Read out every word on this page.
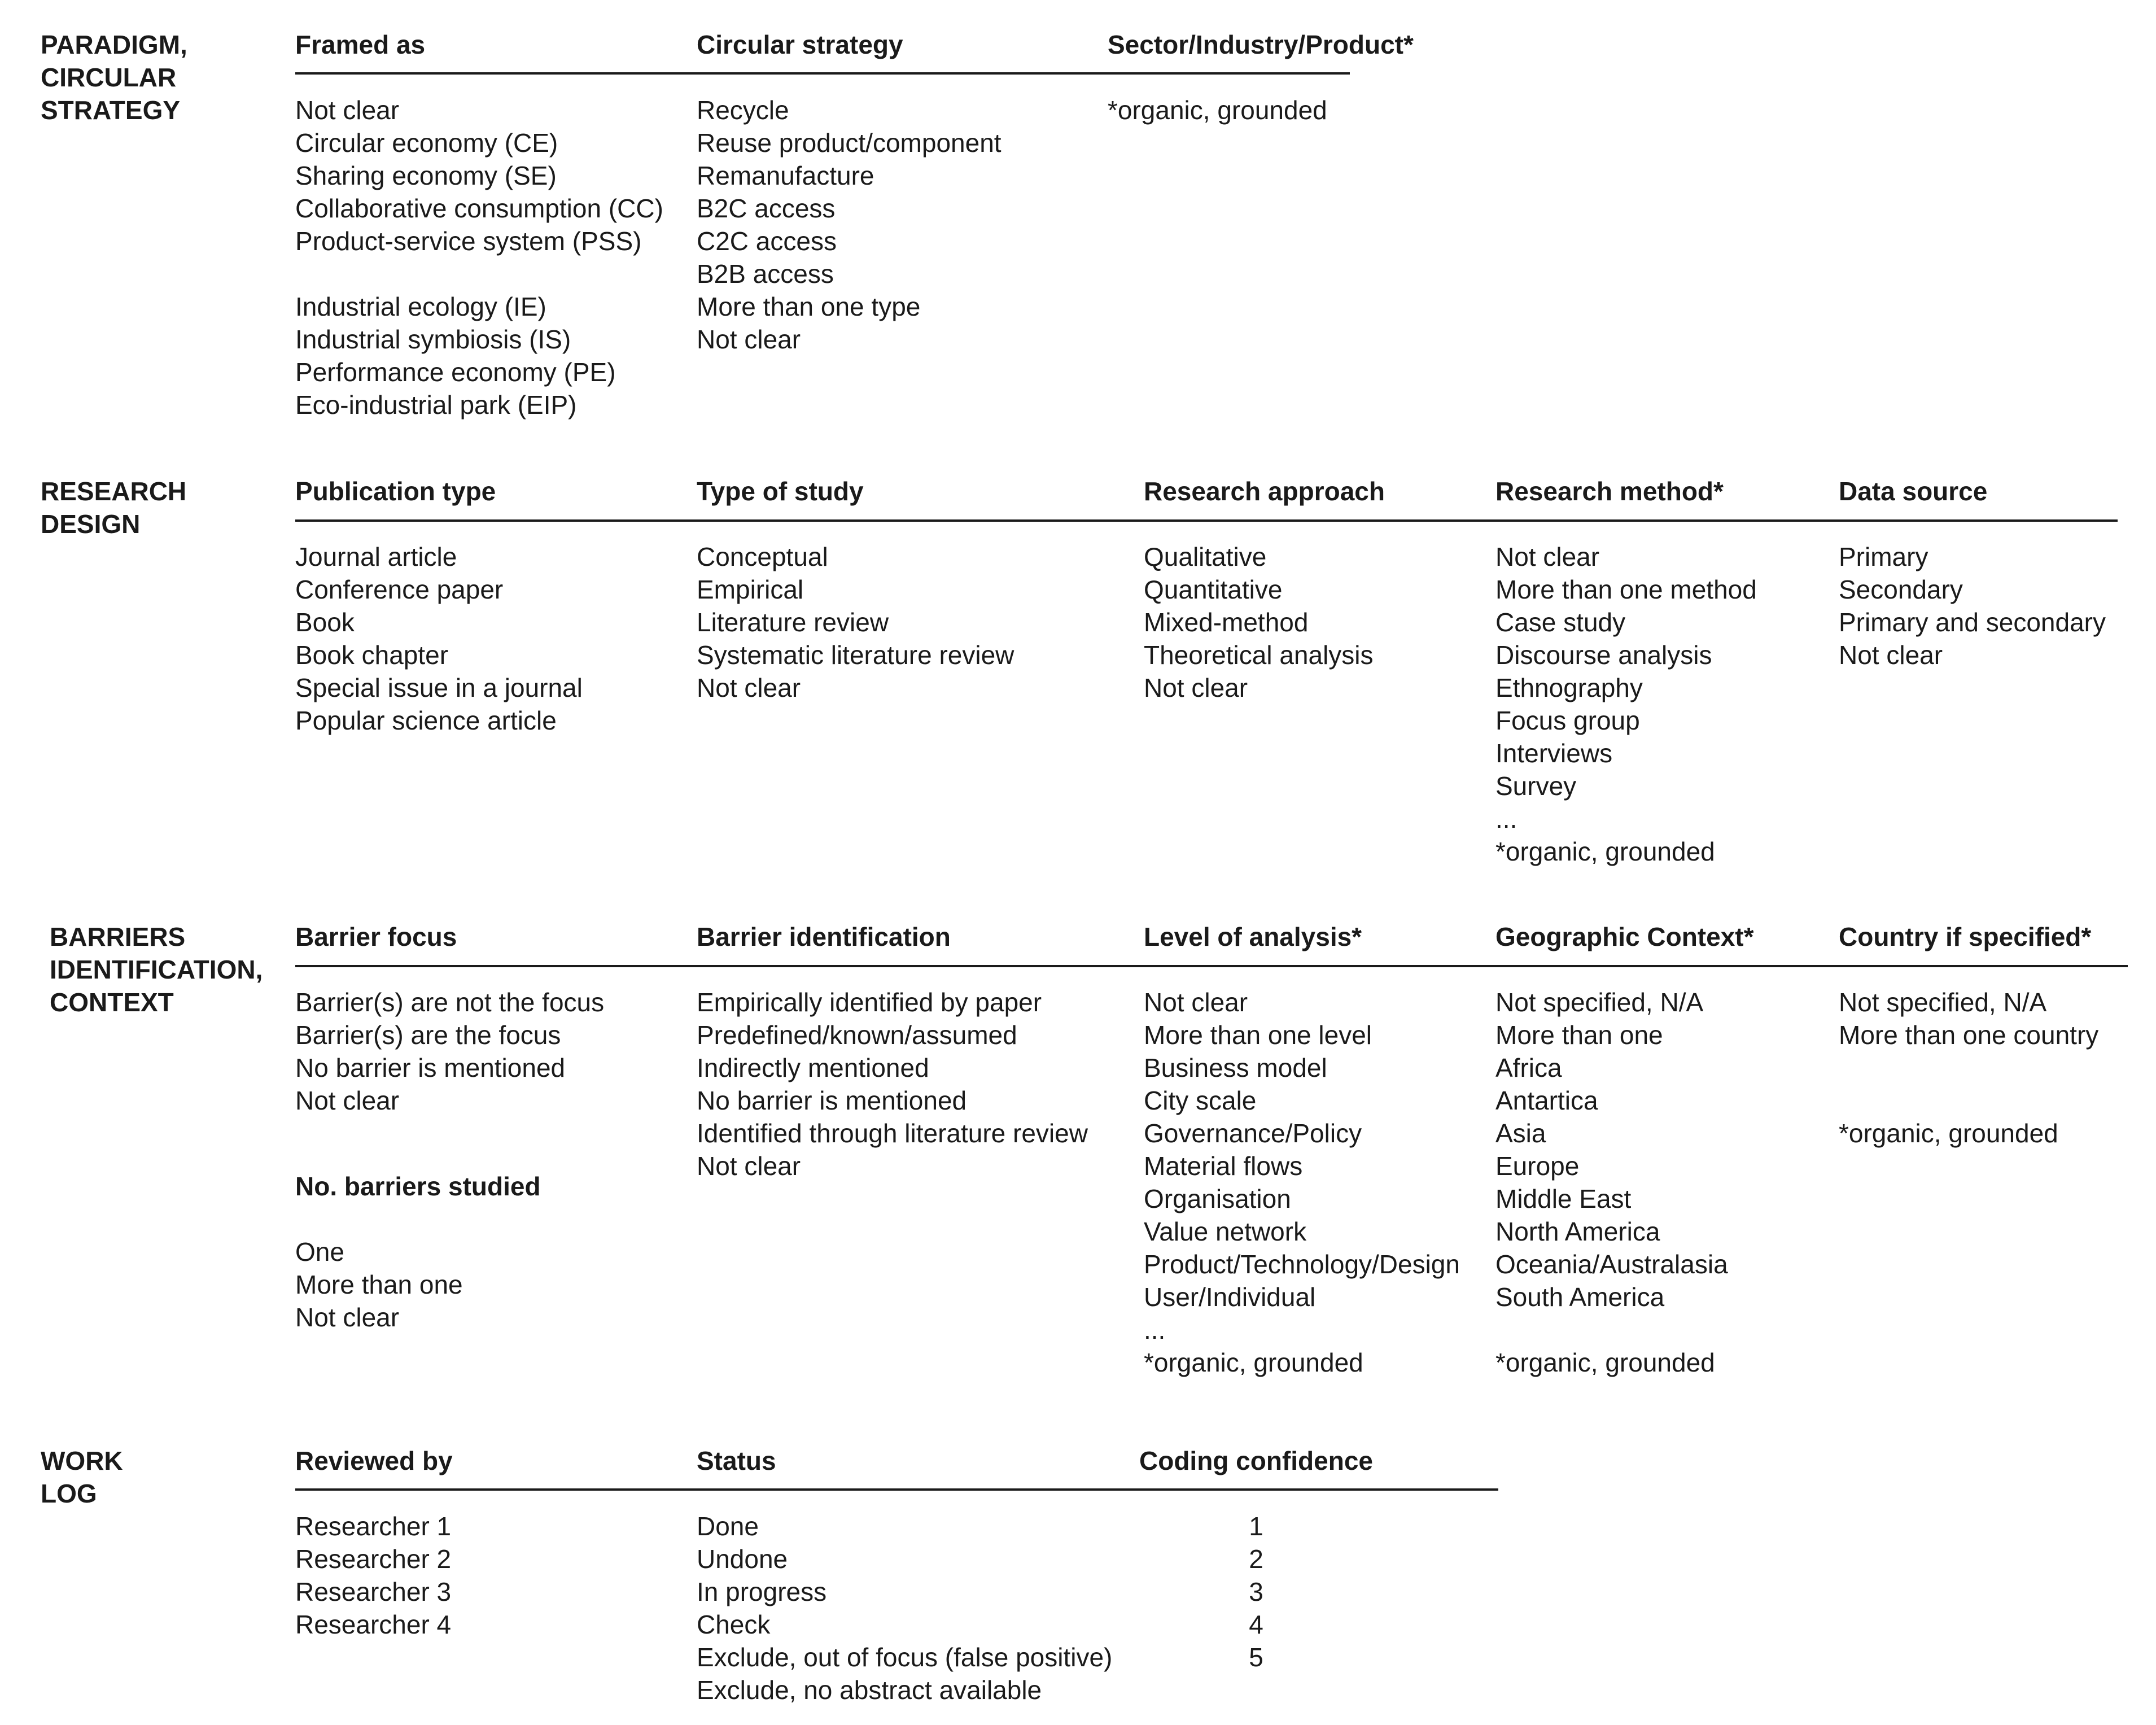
PARADIGM,
CIRCULAR
STRATEGY

Framed as

Not clear
Circular economy (CE)
Sharing economy (SE)
Collaborative consumption (CC)
Product-service system (PSS)
Industrial ecology (IE)
Industrial symbiosis (IS)
Performance economy (PE)
Eco-industrial park (EIP)

Circular strategy

Recycle
Reuse product/component
Remanufacture
B2C access
C2C access
B2B access
More than one type
Not clear

Sector/Industry/Product*

*organic, grounded

RESEARCH
DESIGN

Publication type

Journal article
Conference paper
Book
Book chapter
Special issue in a journal
Popular science article

Type of study

Conceptual
Empirical
Literature review
Systematic literature review
Not clear

Research approach

Qualitative
Quantitative
Mixed-method
Theoretical analysis
Not clear

Research method*

Not clear
More than one method
Case study
Discourse analysis
Ethnography
Focus group
Interviews
Survey
...
*organic, grounded

Data source

Primary
Secondary
Primary and secondary
Not clear

BARRIERS
IDENTIFICATION,
CONTEXT

Barrier focus

Barrier(s) are not the focus
Barrier(s) are the focus
No barrier is mentioned
Not clear

No. barriers studied

One
More than one
Not clear

Barrier identification

Empirically identified by paper
Predefined/known/assumed
Indirectly mentioned
No barrier is mentioned
Identified through literature review
Not clear

Level of analysis*

Not clear
More than one level
Business model
City scale
Governance/Policy
Material flows
Organisation
Value network
Product/Technology/Design
User/Individual
...
*organic, grounded

Geographic Context*

Not specified, N/A
More than one
Africa
Antartica
Asia
Europe
Middle East
North America
Oceania/Australasia
South America
*organic, grounded

Country if specified*

Not specified, N/A
More than one country
*organic, grounded

WORK
LOG

Reviewed by

Researcher 1
Researcher 2
Researcher 3
Researcher 4

Status

Done
Undone
In progress
Check
Exclude, out of focus (false positive)
Exclude, no abstract available

Coding confidence

1
2
3
4
5
